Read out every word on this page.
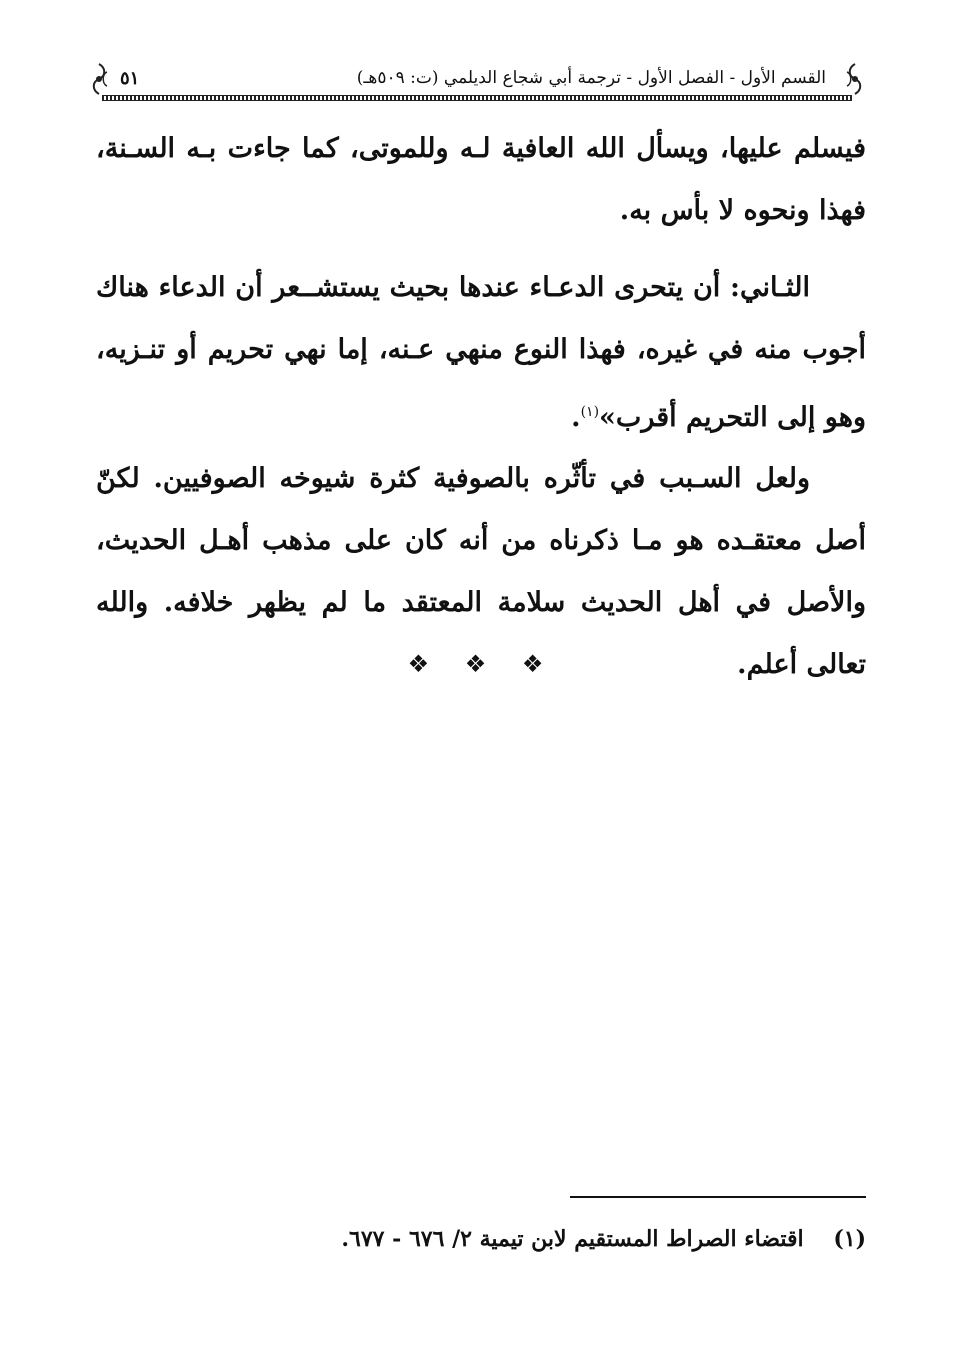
القسم الأول - الفصل الأول - ترجمة أبي شجاع الديلمي (ت: ٥٠٩هـ)
٥١
فيسلم عليها، ويسأل الله العافية لـه وللموتى، كما جاءت بـه السـنة، فهذا ونحوه لا بأس به.
الثـاني: أن يتحرى الدعـاء عندها بحيث يستشــعر أن الدعاء هناك أجوب منه في غيره، فهذا النوع منهي عـنه، إما نهي تحريم أو تنـزيه، وهو إلى التحريم أقرب»$^{(١)}$.
ولعل السـبب في تأثّره بالصوفية كثرة شيوخه الصوفيين. لكنّ أصل معتقـده هو مـا ذكرناه من أنه كان على مذهب أهـل الحديث، والأصل في أهل الحديث سلامة المعتقد ما لم يظهر خلافه. والله تعالى أعلم.
❖ ❖ ❖
(١) اقتضاء الصراط المستقيم لابن تيمية ٢/ ٦٧٦ - ٦٧٧.
